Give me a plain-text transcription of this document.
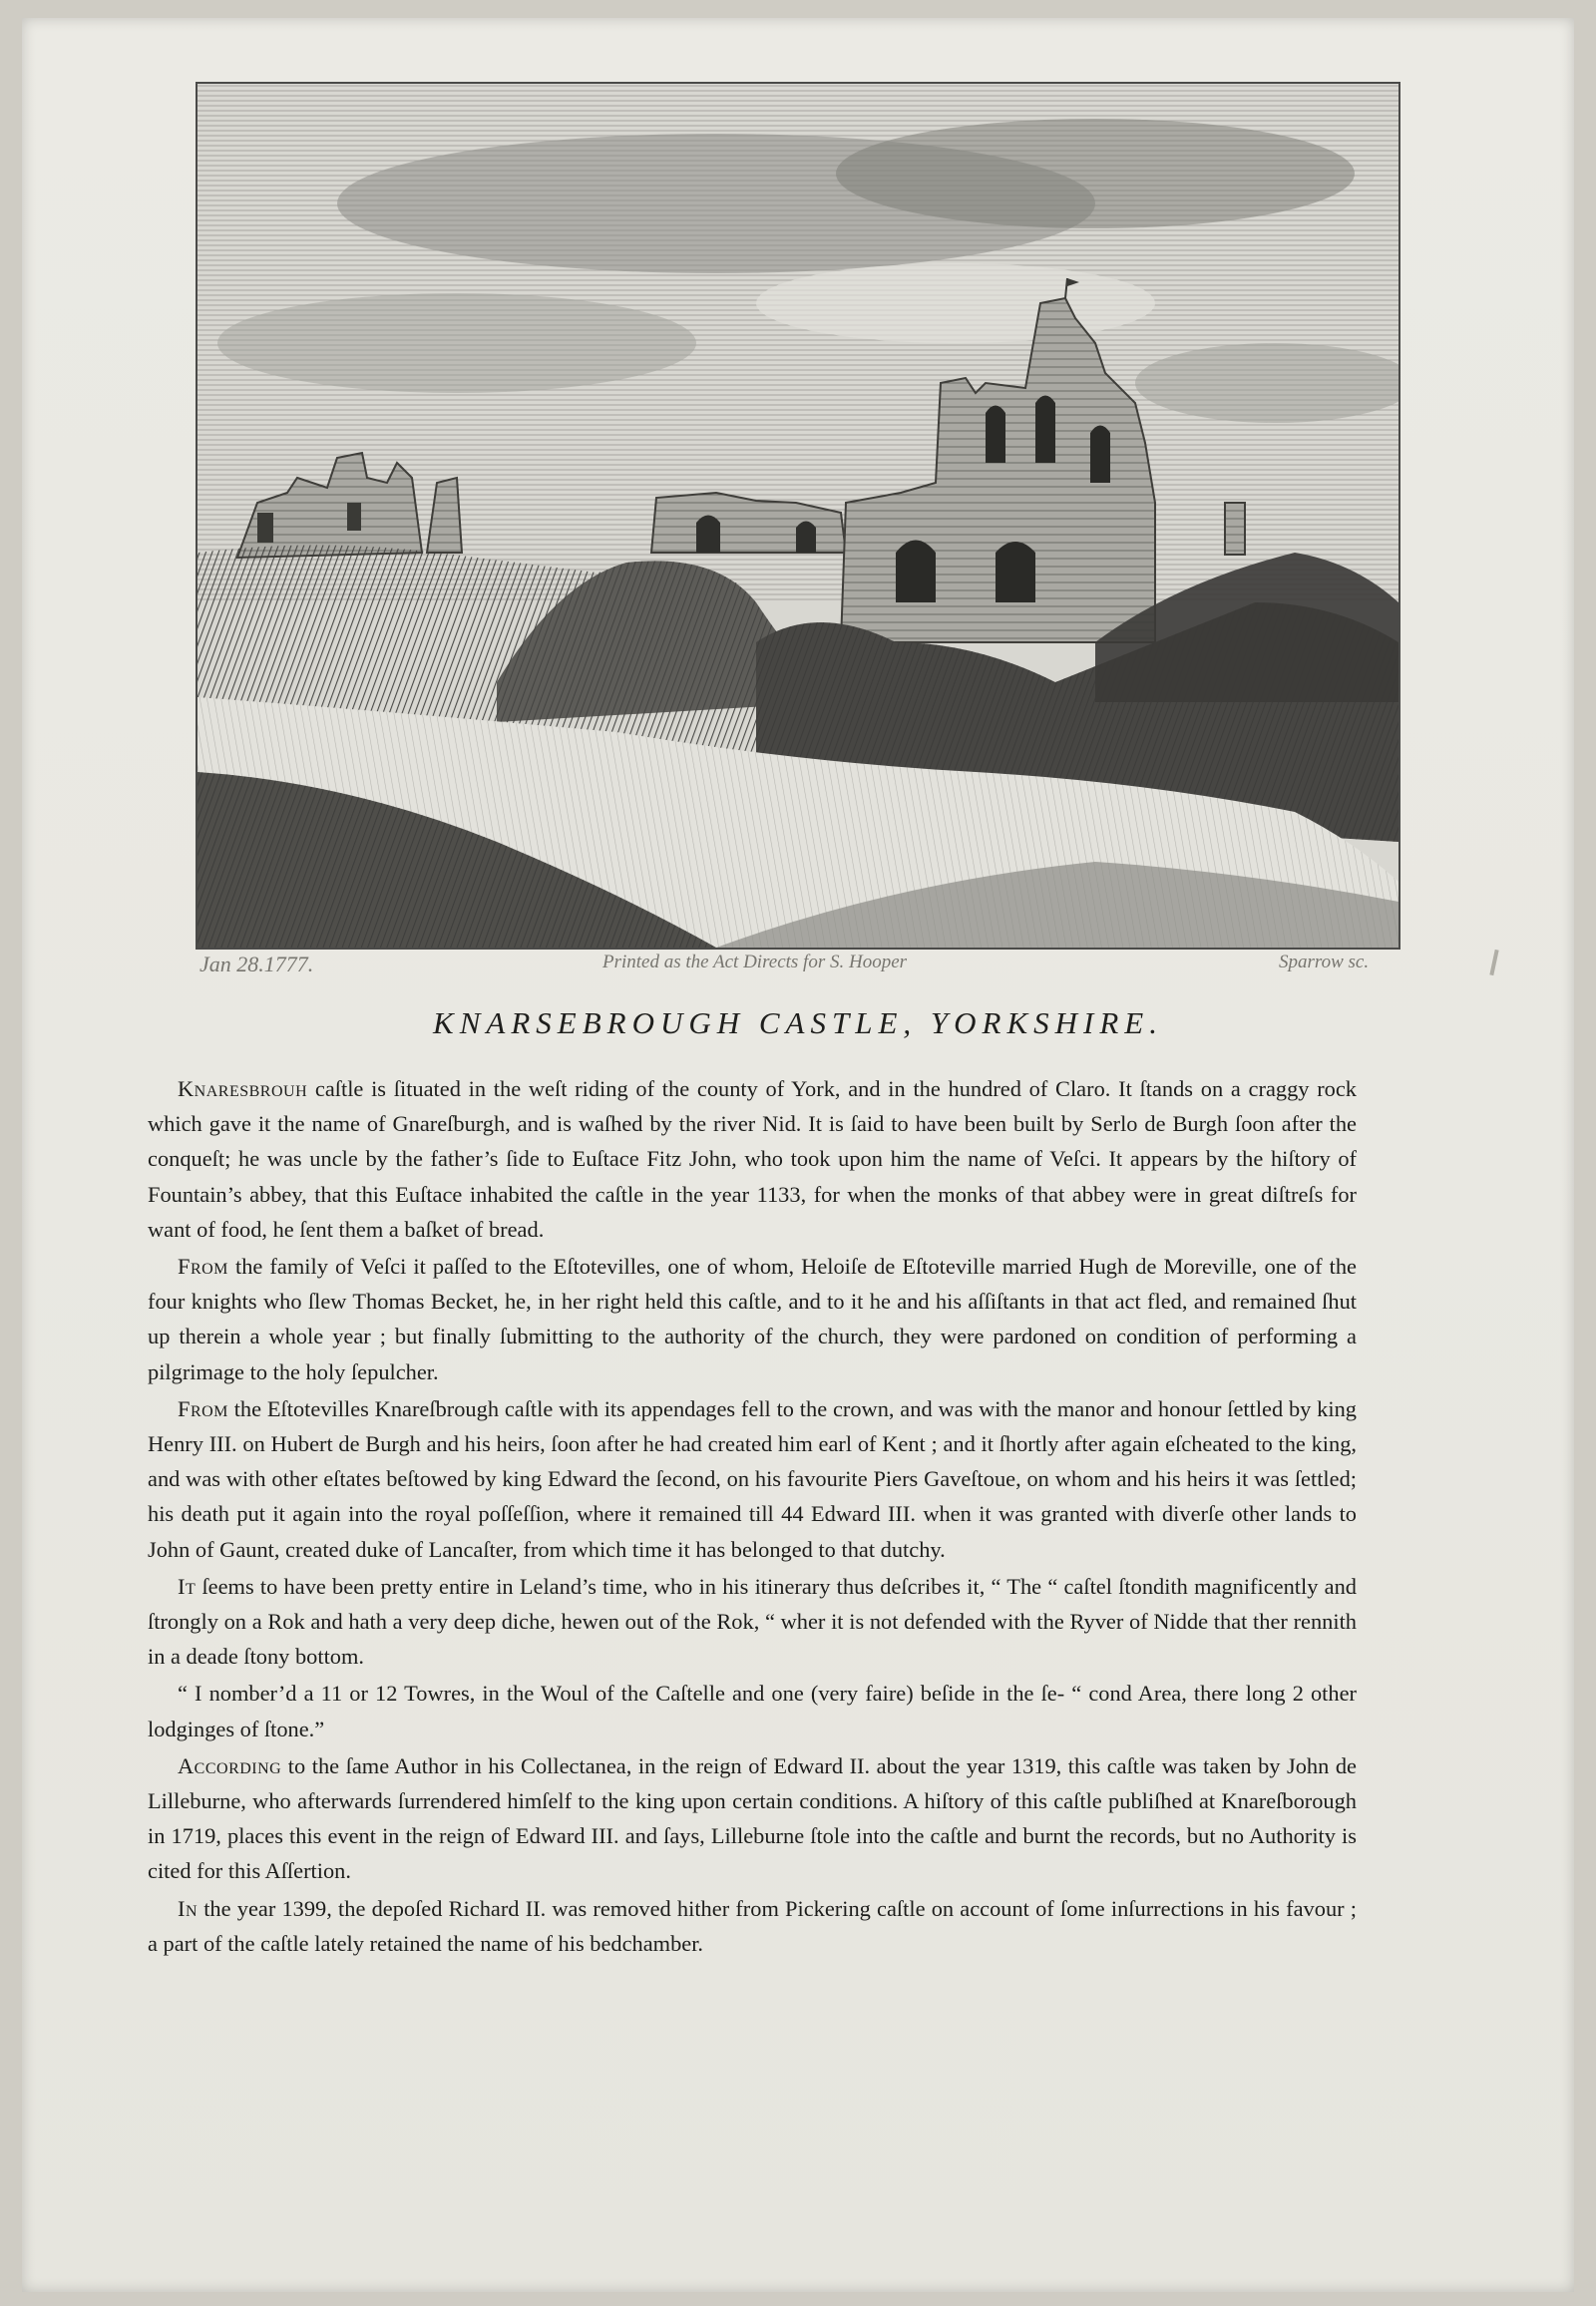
Jan 28.1777.	Printed as the Act Directs for S. Hooper	Sparrow sc.
KNARSEBROUGH CASTLE, YORKSHIRE.

Knaresbrouh caſtle is ſituated in the weſt riding of the county of York, and in the hundred of Claro. It ſtands on a craggy rock which gave it the name of Gnareſburgh, and is waſhed by the river Nid. It is ſaid to have been built by Serlo de Burgh ſoon after the conqueſt; he was uncle by the father’s ſide to Euſtace Fitz John, who took upon him the name of Veſci. It appears by the hiſtory of Fountain’s abbey, that this Euſtace inhabited the caſtle in the year 1133, for when the monks of that abbey were in great diſtreſs for want of food, he ſent them a baſket of bread.

From the family of Veſci it paſſed to the Eſtotevilles, one of whom, Heloiſe de Eſtoteville married Hugh de Moreville, one of the four knights who ſlew Thomas Becket, he, in her right held this caſtle, and to it he and his aſſiſtants in that act fled, and remained ſhut up therein a whole year ; but finally ſubmitting to the authority of the church, they were pardoned on condition of performing a pilgrimage to the holy ſepulcher.

From the Eſtotevilles Knareſbrough caſtle with its appendages fell to the crown, and was with the manor and honour ſettled by king Henry III. on Hubert de Burgh and his heirs, ſoon after he had created him earl of Kent ; and it ſhortly after again eſcheated to the king, and was with other eſtates beſtowed by king Edward the ſecond, on his favourite Piers Gaveſtoue, on whom and his heirs it was ſettled; his death put it again into the royal poſſeſſion, where it remained till 44 Edward III. when it was granted with diverſe other lands to John of Gaunt, created duke of Lancaſter, from which time it has belonged to that dutchy.

It ſeems to have been pretty entire in Leland’s time, who in his itinerary thus deſcribes it, “ The “ caſtel ſtondith magnificently and ſtrongly on a Rok and hath a very deep diche, hewen out of the Rok, “ wher it is not defended with the Ryver of Nidde that ther rennith in a deade ſtony bottom.

“ I nomber’d a 11 or 12 Towres, in the Woul of the Caſtelle and one (very faire) beſide in the ſe- “ cond Area, there long 2 other lodginges of ſtone.”

According to the ſame Author in his Collectanea, in the reign of Edward II. about the year 1319, this caſtle was taken by John de Lilleburne, who afterwards ſurrendered himſelf to the king upon certain conditions. A hiſtory of this caſtle publiſhed at Knareſborough in 1719, places this event in the reign of Edward III. and ſays, Lilleburne ſtole into the caſtle and burnt the records, but no Authority is cited for this Aſſertion.

In the year 1399, the depoſed Richard II. was removed hither from Pickering caſtle on account of ſome inſurrections in his favour ; a part of the caſtle lately retained the name of his bedchamber.
